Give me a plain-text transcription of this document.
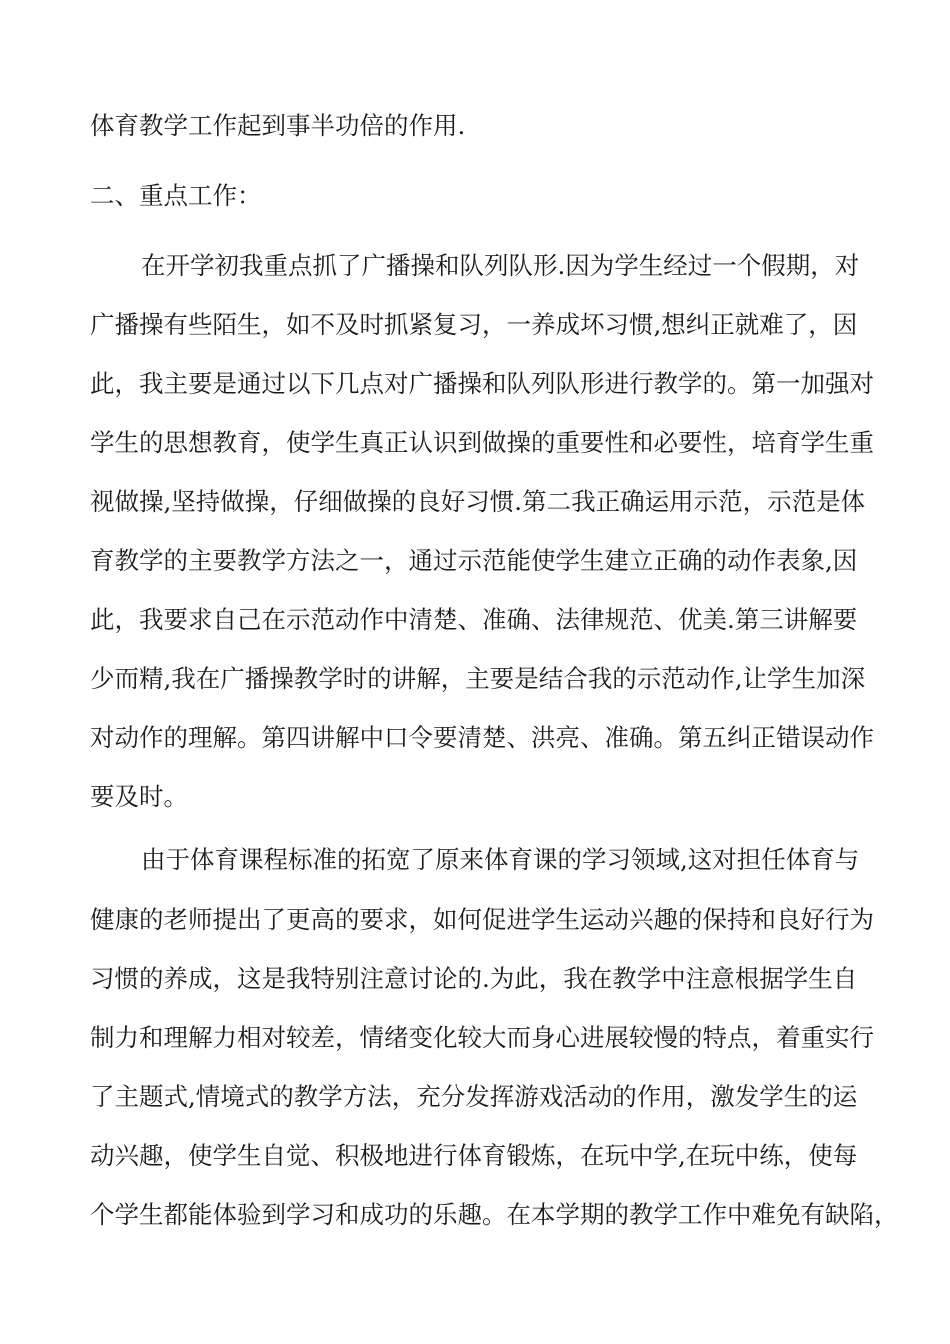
体育教学工作起到事半功倍的作用.
二、重点工作：
在开学初我重点抓了广播操和队列队形.因为学生经过一个假期，对
广播操有些陌生，如不及时抓紧复习，一养成坏习惯,想纠正就难了，因
此，我主要是通过以下几点对广播操和队列队形进行教学的。第一加强对
学生的思想教育，使学生真正认识到做操的重要性和必要性，培育学生重
视做操,坚持做操，仔细做操的良好习惯.第二我正确运用示范，示范是体
育教学的主要教学方法之一，通过示范能使学生建立正确的动作表象,因
此，我要求自己在示范动作中清楚、准确、法律规范、优美.第三讲解要
少而精,我在广播操教学时的讲解，主要是结合我的示范动作,让学生加深
对动作的理解。第四讲解中口令要清楚、洪亮、准确。第五纠正错误动作
要及时。
由于体育课程标准的拓宽了原来体育课的学习领域,这对担任体育与
健康的老师提出了更高的要求，如何促进学生运动兴趣的保持和良好行为
习惯的养成，这是我特别注意讨论的.为此，我在教学中注意根据学生自
制力和理解力相对较差，情绪变化较大而身心进展较慢的特点，着重实行
了主题式,情境式的教学方法，充分发挥游戏活动的作用，激发学生的运
动兴趣，使学生自觉、积极地进行体育锻炼，在玩中学,在玩中练，使每
个学生都能体验到学习和成功的乐趣。在本学期的教学工作中难免有缺陷，
